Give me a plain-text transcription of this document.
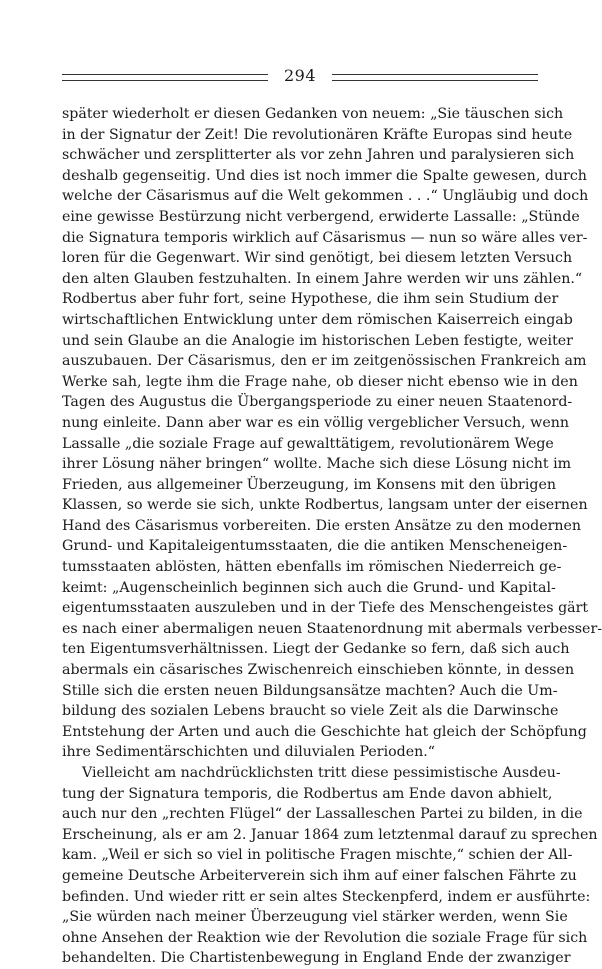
294
später wiederholt er diesen Gedanken von neuem: „Sie täuschen sich
in der Signatur der Zeit! Die revolutionären Kräfte Europas sind heute
schwächer und zersplitterter als vor zehn Jahren und paralysieren sich
deshalb gegenseitig. Und dies ist noch immer die Spalte gewesen, durch
welche der Cäsarismus auf die Welt gekommen . . .“ Ungläubig und doch
eine gewisse Bestürzung nicht verbergend, erwiderte Lassalle: „Stünde
die Signatura temporis wirklich auf Cäsarismus — nun so wäre alles ver-
loren für die Gegenwart. Wir sind genötigt, bei diesem letzten Versuch
den alten Glauben festzuhalten. In einem Jahre werden wir uns zählen.“
Rodbertus aber fuhr fort, seine Hypothese, die ihm sein Studium der
wirtschaftlichen Entwicklung unter dem römischen Kaiserreich eingab
und sein Glaube an die Analogie im historischen Leben festigte, weiter
auszubauen. Der Cäsarismus, den er im zeitgenössischen Frankreich am
Werke sah, legte ihm die Frage nahe, ob dieser nicht ebenso wie in den
Tagen des Augustus die Übergangsperiode zu einer neuen Staatenord-
nung einleite. Dann aber war es ein völlig vergeblicher Versuch, wenn
Lassalle „die soziale Frage auf gewalttätigem, revolutionärem Wege
ihrer Lösung näher bringen“ wollte. Mache sich diese Lösung nicht im
Frieden, aus allgemeiner Überzeugung, im Konsens mit den übrigen
Klassen, so werde sie sich, unkte Rodbertus, langsam unter der eisernen
Hand des Cäsarismus vorbereiten. Die ersten Ansätze zu den modernen
Grund- und Kapitaleigentumsstaaten, die die antiken Menscheneigen-
tumsstaaten ablösten, hätten ebenfalls im römischen Niederreich ge-
keimt: „Augenscheinlich beginnen sich auch die Grund- und Kapital-
eigentumsstaaten auszuleben und in der Tiefe des Menschengeistes gärt
es nach einer abermaligen neuen Staatenordnung mit abermals verbesser-
ten Eigentumsverhältnissen. Liegt der Gedanke so fern, daß sich auch
abermals ein cäsarisches Zwischenreich einschieben könnte, in dessen
Stille sich die ersten neuen Bildungsansätze machten? Auch die Um-
bildung des sozialen Lebens braucht so viele Zeit als die Darwinsche
Entstehung der Arten und auch die Geschichte hat gleich der Schöpfung
ihre Sedimentärschichten und diluvialen Perioden.“
Vielleicht am nachdrücklichsten tritt diese pessimistische Ausdeu-
tung der Signatura temporis, die Rodbertus am Ende davon abhielt,
auch nur den „rechten Flügel“ der Lassalleschen Partei zu bilden, in die
Erscheinung, als er am 2. Januar 1864 zum letztenmal darauf zu sprechen
kam. „Weil er sich so viel in politische Fragen mischte,“ schien der All-
gemeine Deutsche Arbeiterverein sich ihm auf einer falschen Fährte zu
befinden. Und wieder ritt er sein altes Steckenpferd, indem er ausführte:
„Sie würden nach meiner Überzeugung viel stärker werden, wenn Sie
ohne Ansehen der Reaktion wie der Revolution die soziale Frage für sich
behandelten. Die Chartistenbewegung in England Ende der zwanziger
